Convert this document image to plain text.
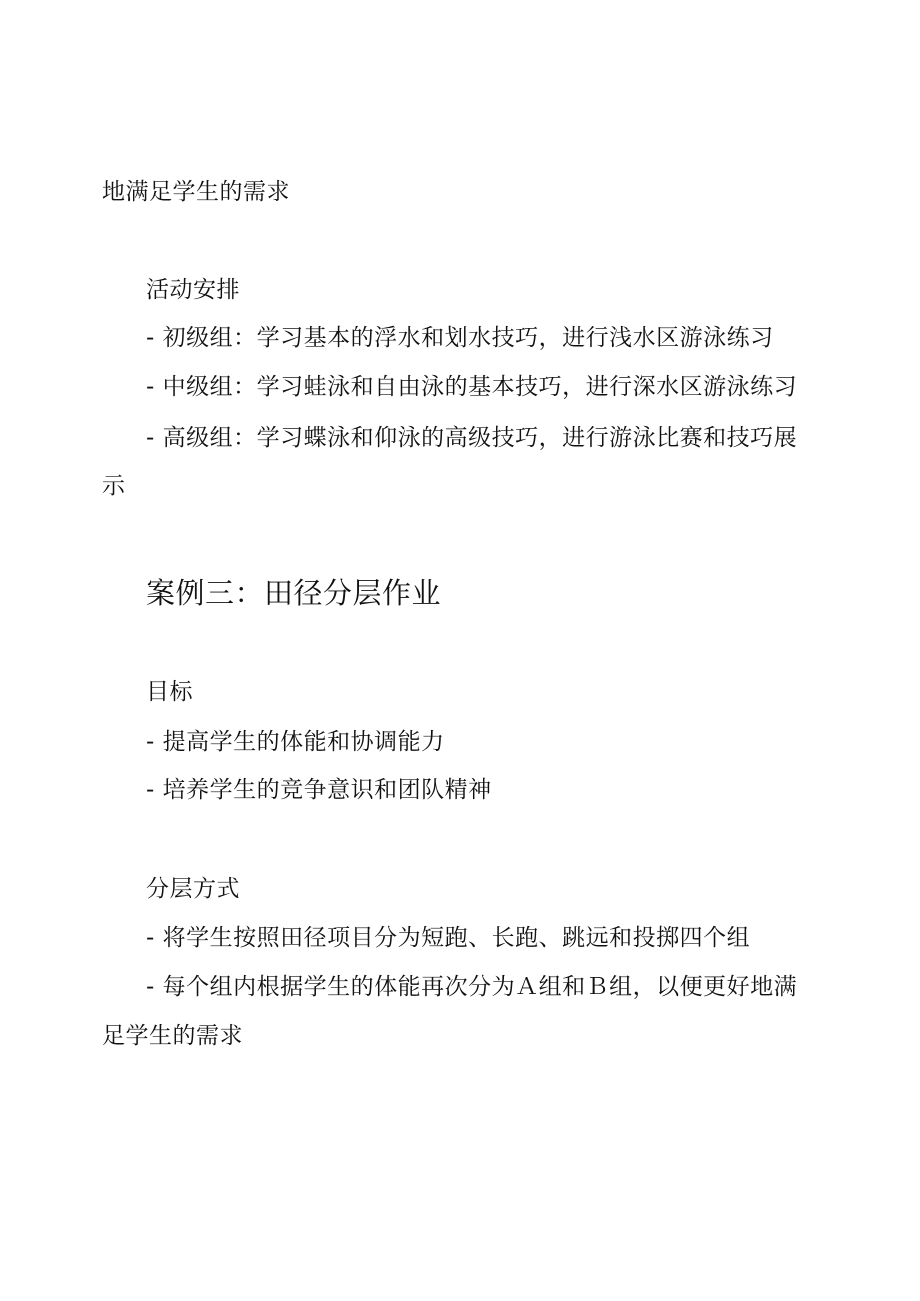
地满足学生的需求
活动安排
- 初级组：学习基本的浮水和划水技巧，进行浅水区游泳练习
- 中级组：学习蛙泳和自由泳的基本技巧，进行深水区游泳练习
- 高级组：学习蝶泳和仰泳的高级技巧，进行游泳比赛和技巧展
示
案例三：田径分层作业
目标
- 提高学生的体能和协调能力
- 培养学生的竞争意识和团队精神
分层方式
- 将学生按照田径项目分为短跑、长跑、跳远和投掷四个组
- 每个组内根据学生的体能再次分为Ａ组和Ｂ组，以便更好地满
足学生的需求
